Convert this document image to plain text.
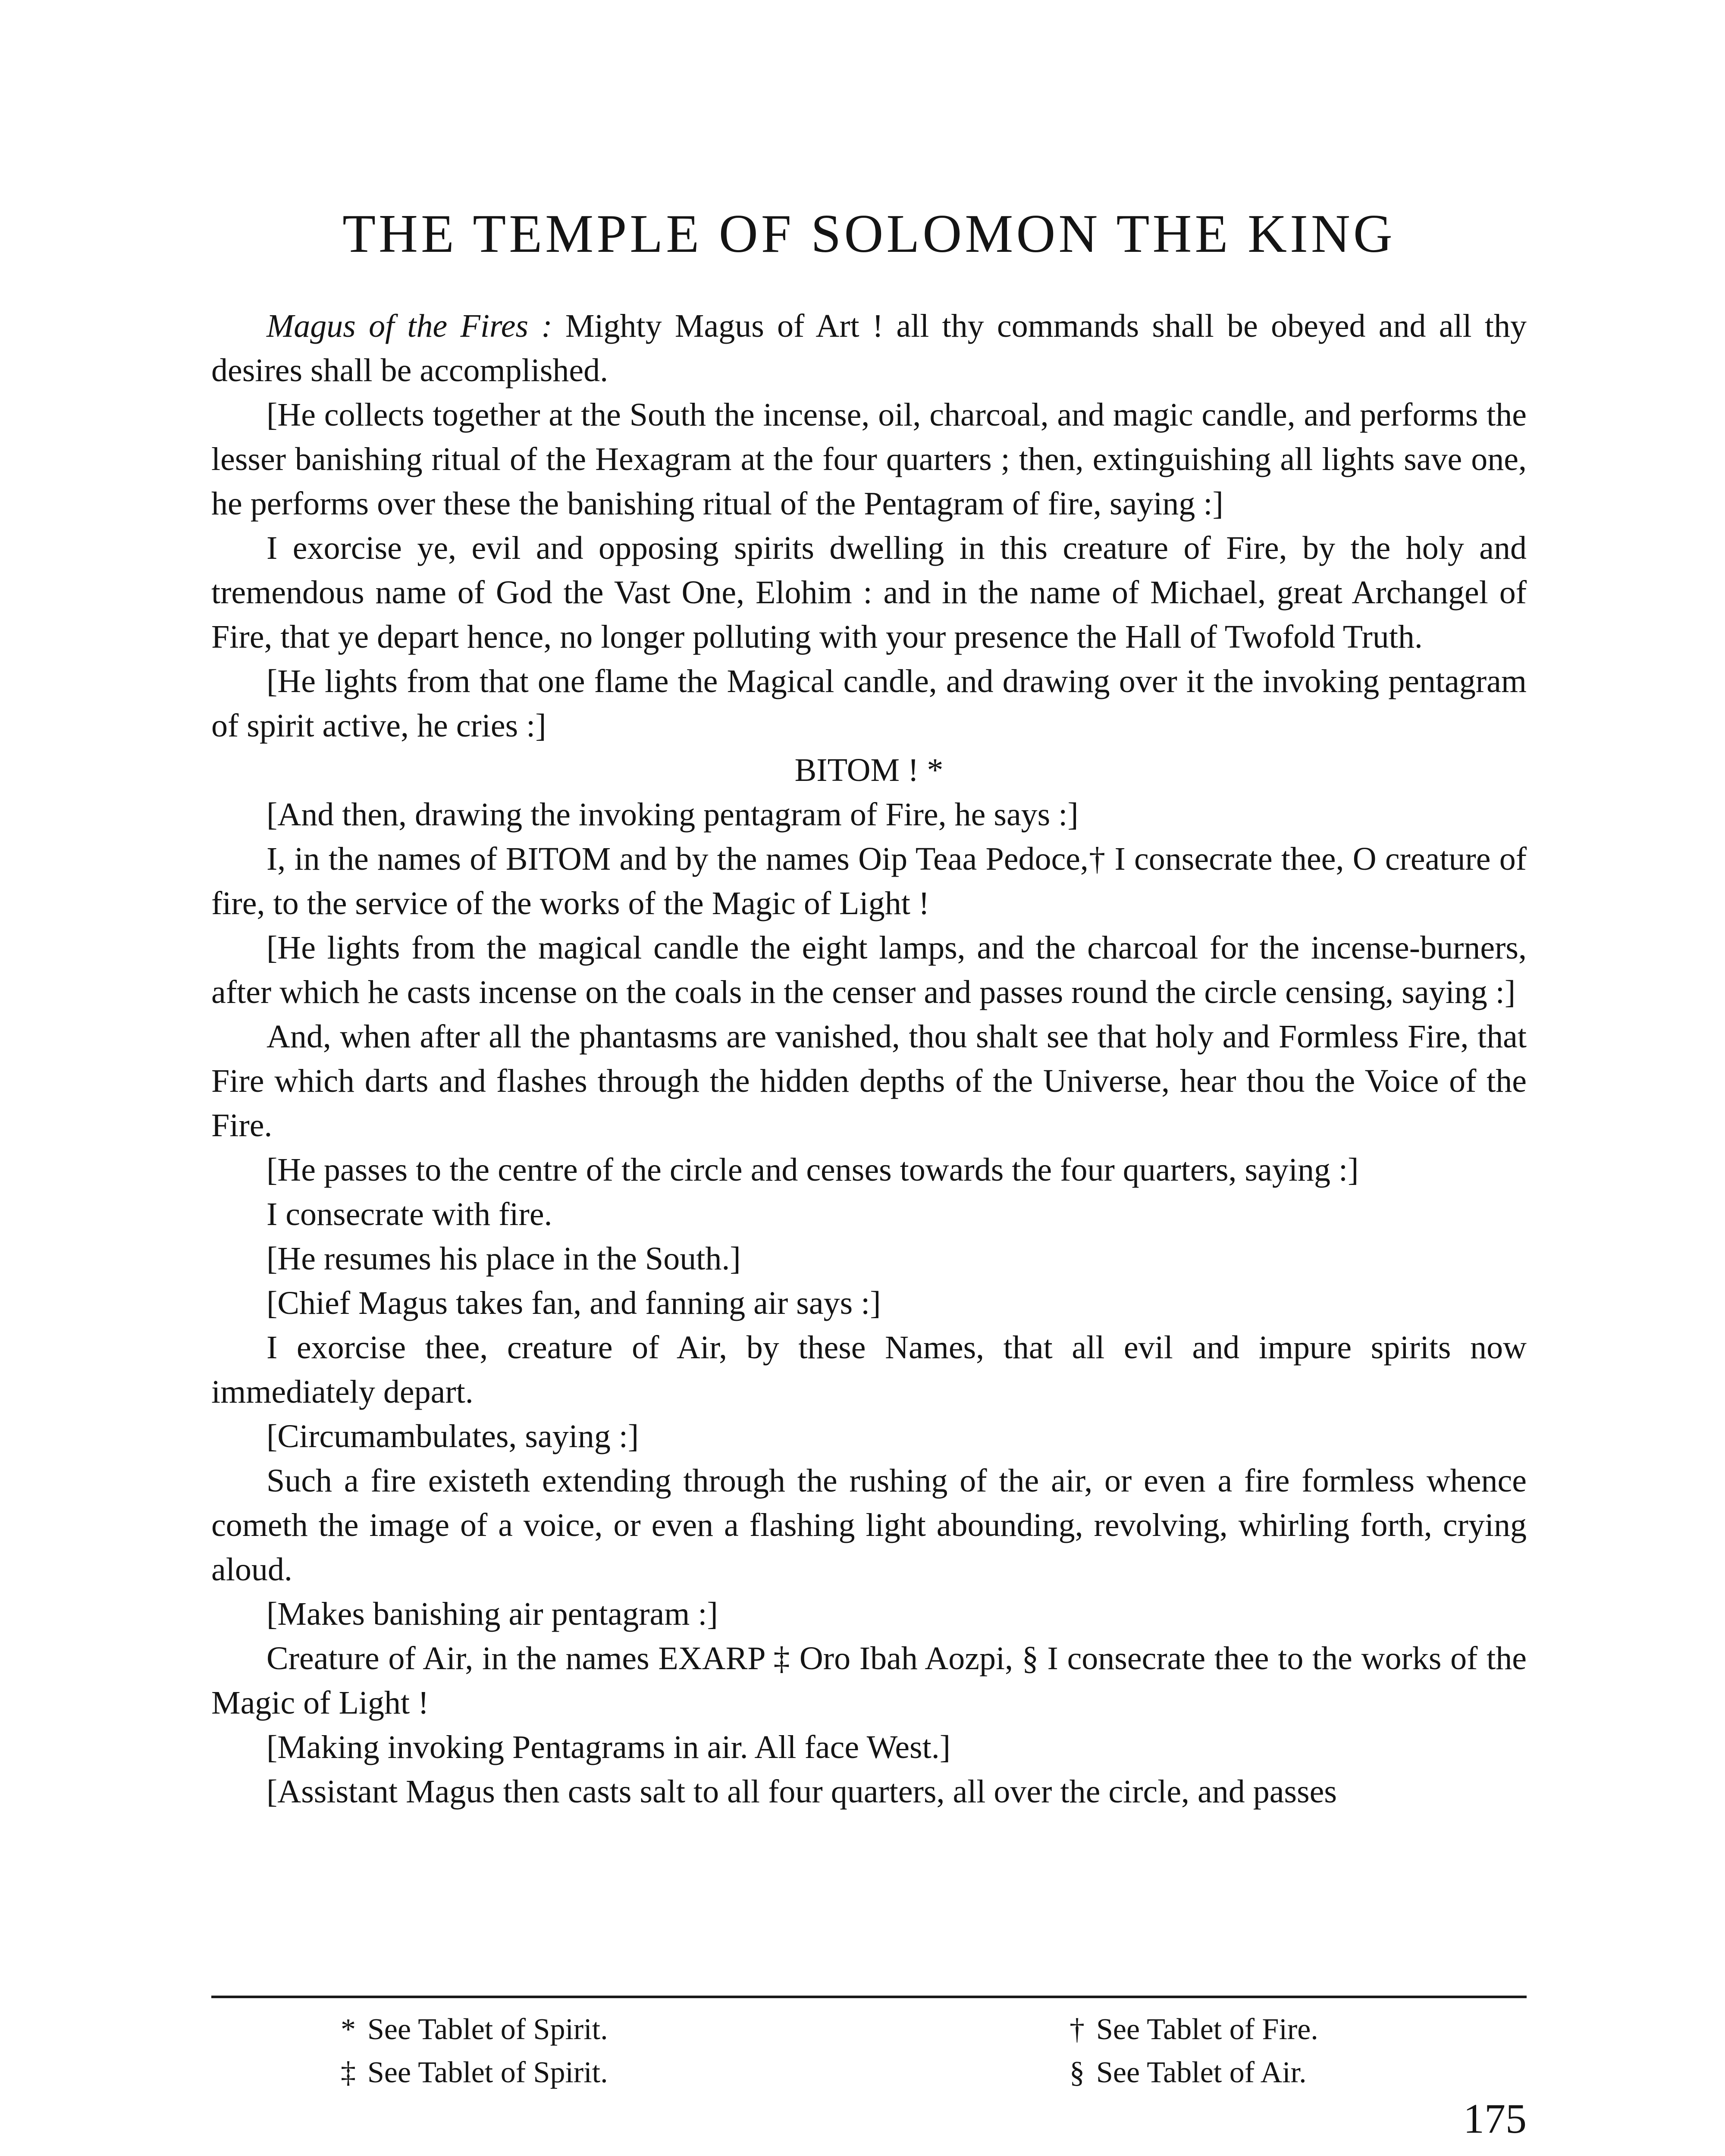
THE TEMPLE OF SOLOMON THE KING

Magus of the Fires : Mighty Magus of Art ! all thy commands shall be obeyed and all thy desires shall be accomplished.

[He collects together at the South the incense, oil, charcoal, and magic candle, and performs the lesser banishing ritual of the Hexagram at the four quarters ; then, extinguishing all lights save one, he performs over these the banishing ritual of the Pentagram of fire, saying :]

I exorcise ye, evil and opposing spirits dwelling in this creature of Fire, by the holy and tremendous name of God the Vast One, Elohim : and in the name of Michael, great Archangel of Fire, that ye depart hence, no longer polluting with your presence the Hall of Twofold Truth.

[He lights from that one flame the Magical candle, and drawing over it the invoking pentagram of spirit active, he cries :]

BITOM ! *

[And then, drawing the invoking pentagram of Fire, he says :]

I, in the names of BITOM and by the names Oip Teaa Pedoce,† I consecrate thee, O creature of fire, to the service of the works of the Magic of Light !

[He lights from the magical candle the eight lamps, and the charcoal for the incense-burners, after which he casts incense on the coals in the censer and passes round the circle censing, saying :]

And, when after all the phantasms are vanished, thou shalt see that holy and Formless Fire, that Fire which darts and flashes through the hidden depths of the Universe, hear thou the Voice of the Fire.

[He passes to the centre of the circle and censes towards the four quarters, saying :]

I consecrate with fire.

[He resumes his place in the South.]

[Chief Magus takes fan, and fanning air says :]

I exorcise thee, creature of Air, by these Names, that all evil and impure spirits now immediately depart.

[Circumambulates, saying :]

Such a fire existeth extending through the rushing of the air, or even a fire formless whence cometh the image of a voice, or even a flashing light abounding, revolving, whirling forth, crying aloud.

[Makes banishing air pentagram :]

Creature of Air, in the names EXARP ‡ Oro Ibah Aozpi, § I consecrate thee to the works of the Magic of Light !

[Making invoking Pentagrams in air. All face West.]

[Assistant Magus then casts salt to all four quarters, all over the circle, and passes

* See Tablet of Spirit.
‡ See Tablet of Spirit.
† See Tablet of Fire.
§ See Tablet of Air.
175
